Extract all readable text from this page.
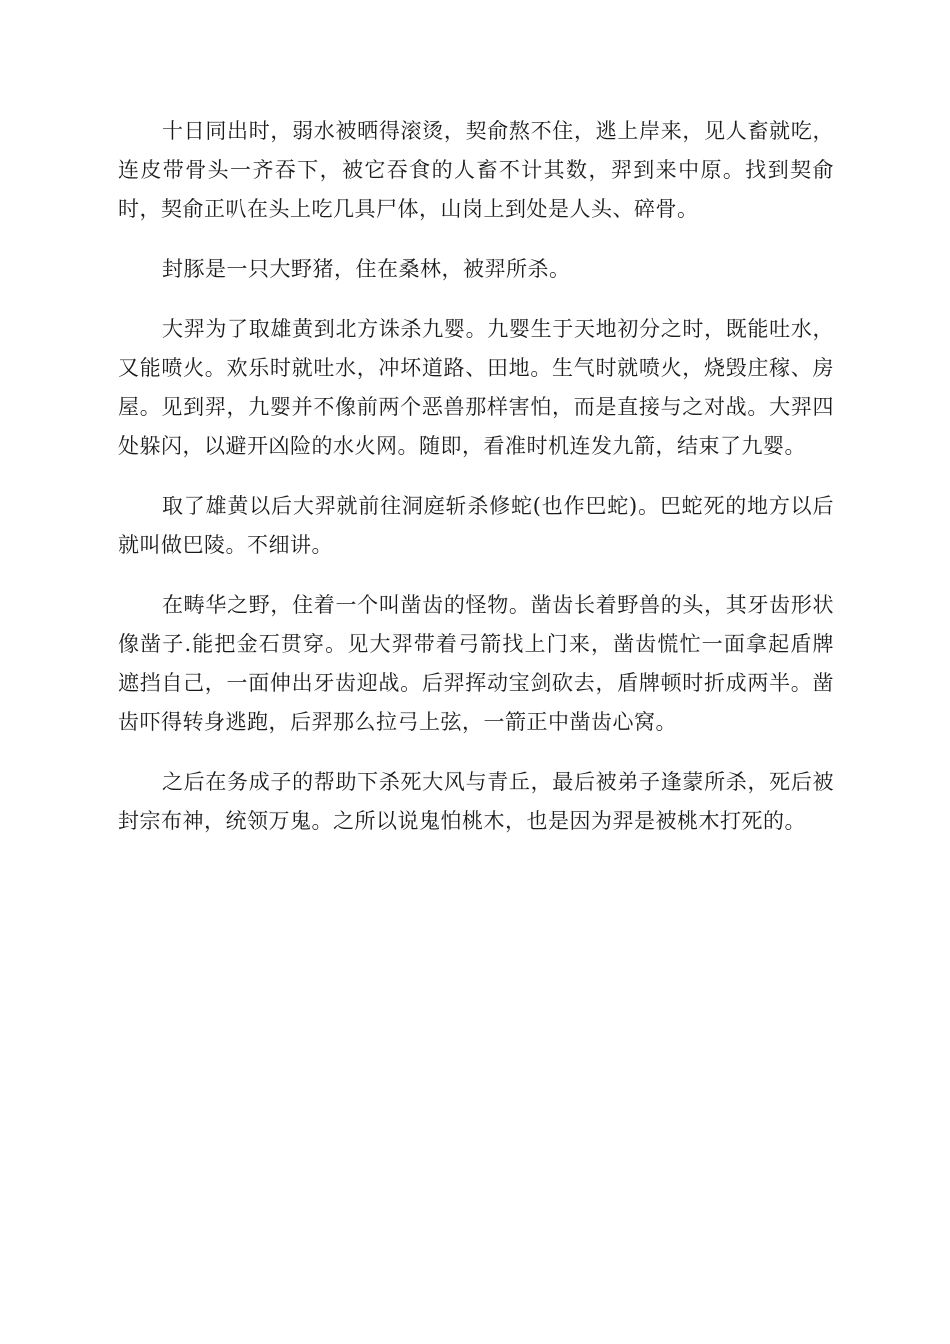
十日同出时，弱水被晒得滚烫，契俞熬不住，逃上岸来，见人畜就吃，连皮带骨头一齐吞下，被它吞食的人畜不计其数，羿到来中原。找到契俞时，契俞正叭在头上吃几具尸体，山岗上到处是人头、碎骨。

封豚是一只大野猪，住在桑林，被羿所杀。

大羿为了取雄黄到北方诛杀九婴。九婴生于天地初分之时，既能吐水，又能喷火。欢乐时就吐水，冲坏道路、田地。生气时就喷火，烧毁庄稼、房屋。见到羿，九婴并不像前两个恶兽那样害怕，而是直接与之对战。大羿四处躲闪，以避开凶险的水火网。随即，看准时机连发九箭，结束了九婴。

取了雄黄以后大羿就前往洞庭斩杀修蛇(也作巴蛇)。巴蛇死的地方以后就叫做巴陵。不细讲。

在畴华之野，住着一个叫凿齿的怪物。凿齿长着野兽的头，其牙齿形状像凿子.能把金石贯穿。见大羿带着弓箭找上门来，凿齿慌忙一面拿起盾牌遮挡自己，一面伸出牙齿迎战。后羿挥动宝剑砍去，盾牌顿时折成两半。凿齿吓得转身逃跑，后羿那么拉弓上弦，一箭正中凿齿心窝。

之后在务成子的帮助下杀死大风与青丘，最后被弟子逢蒙所杀，死后被封宗布神，统领万鬼。之所以说鬼怕桃木，也是因为羿是被桃木打死的。
